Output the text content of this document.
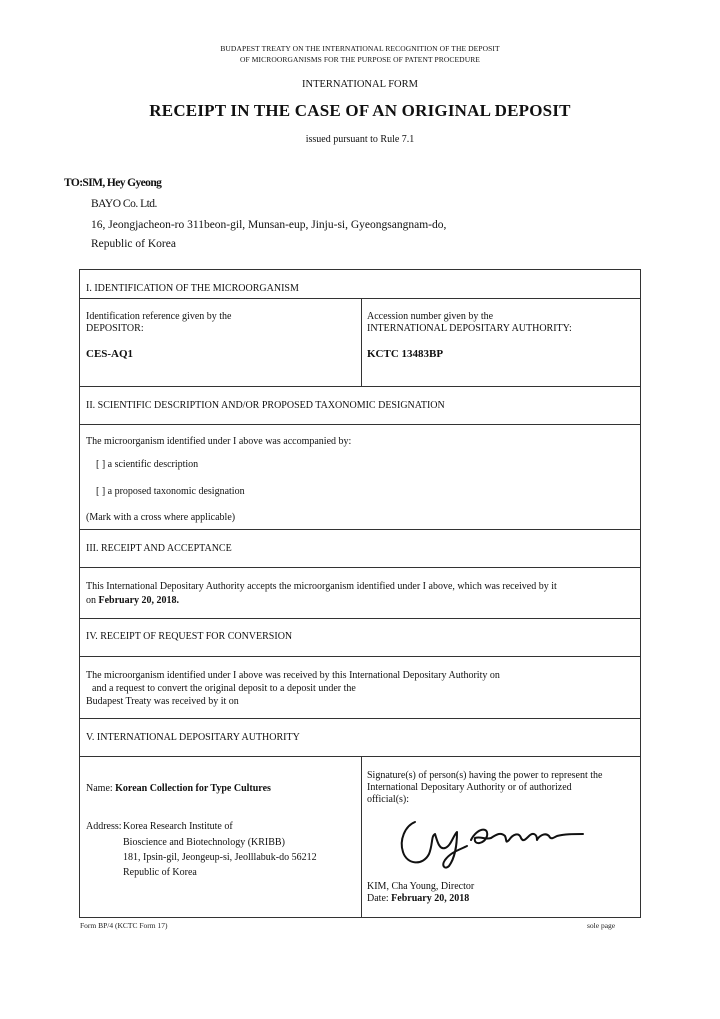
BUDAPEST TREATY ON THE INTERNATIONAL RECOGNITION OF THE DEPOSIT
OF MICROORGANISMS FOR THE PURPOSE OF PATENT PROCEDURE
INTERNATIONAL FORM
RECEIPT IN THE CASE OF AN ORIGINAL DEPOSIT
issued pursuant to Rule 7.1
TO:SIM, Hey Gyeong
BAYO Co. Ltd.
16, Jeongjacheon-ro 311beon-gil, Munsan-eup, Jinju-si, Gyeongsangnam-do,
Republic of Korea
I. IDENTIFICATION OF THE MICROORGANISM
Identification reference given by the
DEPOSITOR:
CES-AQ1
Accession number given by the
INTERNATIONAL DEPOSITARY AUTHORITY:
KCTC 13483BP
II. SCIENTIFIC DESCRIPTION AND/OR PROPOSED TAXONOMIC DESIGNATION
The microorganism identified under I above was accompanied by:
[ ] a scientific description
[ ] a proposed taxonomic designation
(Mark with a cross where applicable)
III. RECEIPT AND ACCEPTANCE
This International Depositary Authority accepts the microorganism identified under I above, which was received by it
on February 20, 2018.
IV. RECEIPT OF REQUEST FOR CONVERSION
The microorganism identified under I above was received by this International Depositary Authority on
and a request to convert the original deposit to a deposit under the
Budapest Treaty was received by it on
V. INTERNATIONAL DEPOSITARY AUTHORITY
Name: Korean Collection for Type Cultures
Address: Korea Research Institute of
Bioscience and Biotechnology (KRIBB)
181, Ipsin-gil, Jeongeup-si, Jeolllabuk-do 56212
Republic of Korea
Signature(s) of person(s) having the power to represent the
International Depositary Authority or of authorized
official(s):
KIM, Cha Young, Director
Date: February 20, 2018
Form BP/4 (KCTC Form 17)	sole page
